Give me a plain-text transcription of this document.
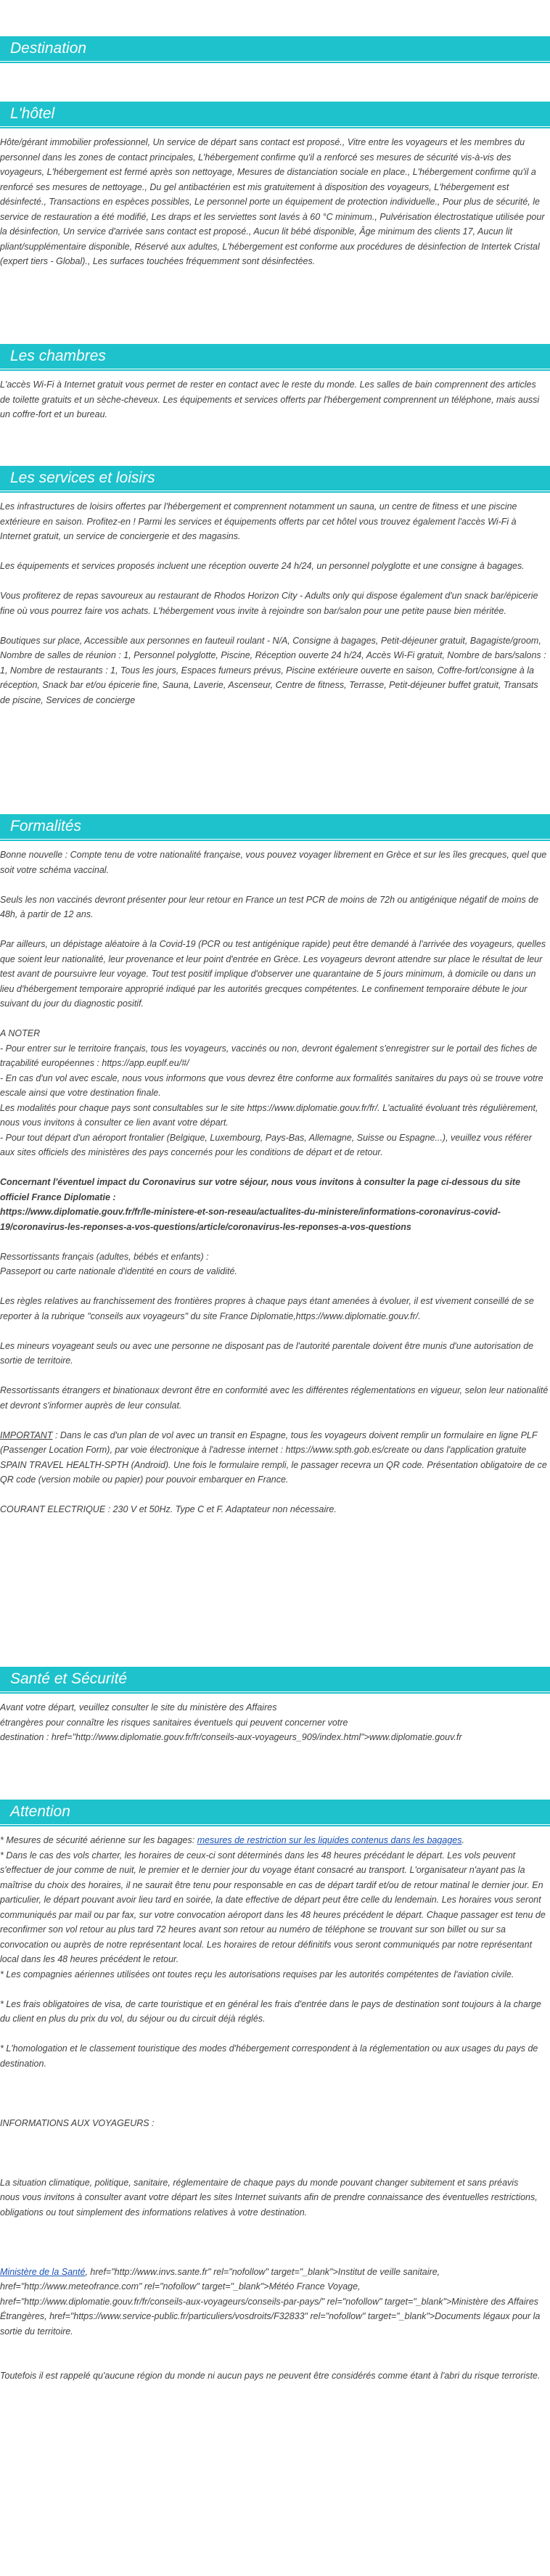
Destination
L'hôtel

Hôte/gérant immobilier professionnel, Un service de départ sans contact est proposé., Vitre entre les voyageurs et les membres du personnel dans les zones de contact principales, L'hébergement confirme qu'il a renforcé ses mesures de sécurité vis-à-vis des voyageurs, L'hébergement est fermé après son nettoyage, Mesures de distanciation sociale en place., L'hébergement confirme qu'il a renforcé ses mesures de nettoyage., Du gel antibactérien est mis gratuitement à disposition des voyageurs, L'hébergement est désinfecté., Transactions en espèces possibles, Le personnel porte un équipement de protection individuelle., Pour plus de sécurité, le service de restauration a été modifié, Les draps et les serviettes sont lavés à 60 °C minimum., Pulvérisation électrostatique utilisée pour la désinfection, Un service d'arrivée sans contact est proposé., Aucun lit bébé disponible, Âge minimum des clients 17, Aucun lit pliant/supplémentaire disponible, Réservé aux adultes, L'hébergement est conforme aux procédures de désinfection de Intertek Cristal (expert tiers - Global)., Les surfaces touchées fréquemment sont désinfectées.

Les chambres

L'accès Wi-Fi à Internet gratuit vous permet de rester en contact avec le reste du monde. Les salles de bain comprennent des articles de toilette gratuits et un sèche-cheveux. Les équipements et services offerts par l'hébergement comprennent un téléphone, mais aussi un coffre-fort et un bureau.

Les services et loisirs

Les infrastructures de loisirs offertes par l'hébergement et comprennent notamment un sauna, un centre de fitness et une piscine extérieure en saison. Profitez-en ! Parmi les services et équipements offerts par cet hôtel vous trouvez également l'accès Wi-Fi à Internet gratuit, un service de conciergerie et des magasins.

Les équipements et services proposés incluent une réception ouverte 24 h/24, un personnel polyglotte et une consigne à bagages.

Vous profiterez de repas savoureux au restaurant de Rhodos Horizon City - Adults only qui dispose également d'un snack bar/épicerie fine où vous pourrez faire vos achats. L'hébergement vous invite à rejoindre son bar/salon pour une petite pause bien méritée.

Boutiques sur place, Accessible aux personnes en fauteuil roulant - N/A, Consigne à bagages, Petit-déjeuner gratuit, Bagagiste/groom, Nombre de salles de réunion : 1, Personnel polyglotte, Piscine, Réception ouverte 24 h/24, Accès Wi-Fi gratuit, Nombre de bars/salons : 1, Nombre de restaurants : 1, Tous les jours, Espaces fumeurs prévus, Piscine extérieure ouverte en saison, Coffre-fort/consigne à la réception, Snack bar et/ou épicerie fine, Sauna, Laverie, Ascenseur, Centre de fitness, Terrasse, Petit-déjeuner buffet gratuit, Transats de piscine, Services de concierge

Formalités

Bonne nouvelle : Compte tenu de votre nationalité française, vous pouvez voyager librement en Grèce et sur les îles grecques, quel que soit votre schéma vaccinal.

Seuls les non vaccinés devront présenter pour leur retour en France un test PCR de moins de 72h ou antigénique négatif de moins de 48h, à partir de 12 ans.

Par ailleurs, un dépistage aléatoire à la Covid-19 (PCR ou test antigénique rapide) peut être demandé à l'arrivée des voyageurs, quelles que soient leur nationalité, leur provenance et leur point d'entrée en Grèce. Les voyageurs devront attendre sur place le résultat de leur test avant de poursuivre leur voyage. Tout test positif implique d'observer une quarantaine de 5 jours minimum, à domicile ou dans un lieu d'hébergement temporaire approprié indiqué par les autorités grecques compétentes. Le confinement temporaire débute le jour suivant du jour du diagnostic positif.

A NOTER

- Pour entrer sur le territoire français, tous les voyageurs, vaccinés ou non, devront également s'enregistrer sur le portail des fiches de traçabilité européennes : https://app.euplf.eu/#/

- En cas d'un vol avec escale, nous vous informons que vous devrez être conforme aux formalités sanitaires du pays où se trouve votre escale ainsi que votre destination finale.

Les modalités pour chaque pays sont consultables sur le site https://www.diplomatie.gouv.fr/fr/. L'actualité évoluant très régulièrement, nous vous invitons à consulter ce lien avant votre départ.

- Pour tout départ d'un aéroport frontalier (Belgique, Luxembourg, Pays-Bas, Allemagne, Suisse ou Espagne...), veuillez vous référer aux sites officiels des ministères des pays concernés pour les conditions de départ et de retour.

Concernant l'éventuel impact du Coronavirus sur votre séjour, nous vous invitons à consulter la page ci-dessous du site officiel France Diplomatie :

https://www.diplomatie.gouv.fr/fr/le-ministere-et-son-reseau/actualites-du-ministere/informations-coronavirus-covid-19/coronavirus-les-reponses-a-vos-questions/article/coronavirus-les-reponses-a-vos-questions

Ressortissants français (adultes, bébés et enfants) :

Passeport ou carte nationale d'identité en cours de validité.

Les règles relatives au franchissement des frontières propres à chaque pays étant amenées à évoluer, il est vivement conseillé de se reporter à la rubrique "conseils aux voyageurs" du site France Diplomatie,https://www.diplomatie.gouv.fr/.

Les mineurs voyageant seuls ou avec une personne ne disposant pas de l'autorité parentale doivent être munis d'une autorisation de sortie de territoire.

Ressortissants étrangers et binationaux devront être en conformité avec les différentes réglementations en vigueur, selon leur nationalité et devront s'informer auprès de leur consulat.

IMPORTANT : Dans le cas d'un plan de vol avec un transit en Espagne, tous les voyageurs doivent remplir un formulaire en ligne PLF (Passenger Location Form), par voie électronique à l'adresse internet : https://www.spth.gob.es/create ou dans l'application gratuite SPAIN TRAVEL HEALTH-SPTH (Android). Une fois le formulaire rempli, le passager recevra un QR code. Présentation obligatoire de ce QR code (version mobile ou papier) pour pouvoir embarquer en France.

COURANT ELECTRIQUE : 230 V et 50Hz. Type C et F. Adaptateur non nécessaire.

Santé et Sécurité
Avant votre départ, veuillez consulter le site du ministère des Affaires
étrangères pour connaître les risques sanitaires éventuels qui peuvent concerner votre
destination : href="http://www.diplomatie.gouv.fr/fr/conseils-aux-voyageurs_909/index.html">www.diplomatie.gouv.fr
Attention

* Mesures de sécurité aérienne sur les bagages: mesures de restriction sur les liquides contenus dans les bagages.

* Dans le cas des vols charter, les horaires de ceux-ci sont déterminés dans les 48 heures précédant le départ. Les vols peuvent s'effectuer de jour comme de nuit, le premier et le dernier jour du voyage étant consacré au transport. L'organisateur n'ayant pas la maîtrise du choix des horaires, il ne saurait être tenu pour responsable en cas de départ tardif et/ou de retour matinal le dernier jour. En particulier, le départ pouvant avoir lieu tard en soirée, la date effective de départ peut être celle du lendemain. Les horaires vous seront communiqués par mail ou par fax, sur votre convocation aéroport dans les 48 heures précédent le départ. Chaque passager est tenu de reconfirmer son vol retour au plus tard 72 heures avant son retour au numéro de téléphone se trouvant sur son billet ou sur sa convocation ou auprès de notre représentant local. Les horaires de retour définitifs vous seront communiqués par notre représentant local dans les 48 heures précédent le retour.

* Les compagnies aériennes utilisées ont toutes reçu les autorisations requises par les autorités compétentes de l'aviation civile.

* Les frais obligatoires de visa, de carte touristique et en général les frais d'entrée dans le pays de destination sont toujours à la charge du client en plus du prix du vol, du séjour ou du circuit déjà réglés.

* L'homologation et le classement touristique des modes d'hébergement correspondent à la réglementation ou aux usages du pays de destination.

INFORMATIONS AUX VOYAGEURS :

La situation climatique, politique, sanitaire, réglementaire de chaque pays du monde pouvant changer subitement et sans préavis

nous vous invitons à consulter avant votre départ les sites Internet suivants afin de prendre connaissance des éventuelles restrictions, obligations ou tout simplement des informations relatives à votre destination.

Ministère de la Santé, href="http://www.invs.sante.fr" rel="nofollow" target="_blank">Institut de veille sanitaire, href="http://www.meteofrance.com" rel="nofollow" target="_blank">Météo France Voyage, href="http://www.diplomatie.gouv.fr/fr/conseils-aux-voyageurs/conseils-par-pays/" rel="nofollow" target="_blank">Ministère des Affaires Étrangères, href="https://www.service-public.fr/particuliers/vosdroits/F32833" rel="nofollow" target="_blank">Documents légaux pour la sortie du territoire.

Toutefois il est rappelé qu'aucune région du monde ni aucun pays ne peuvent être considérés comme étant à l'abri du risque terroriste.
